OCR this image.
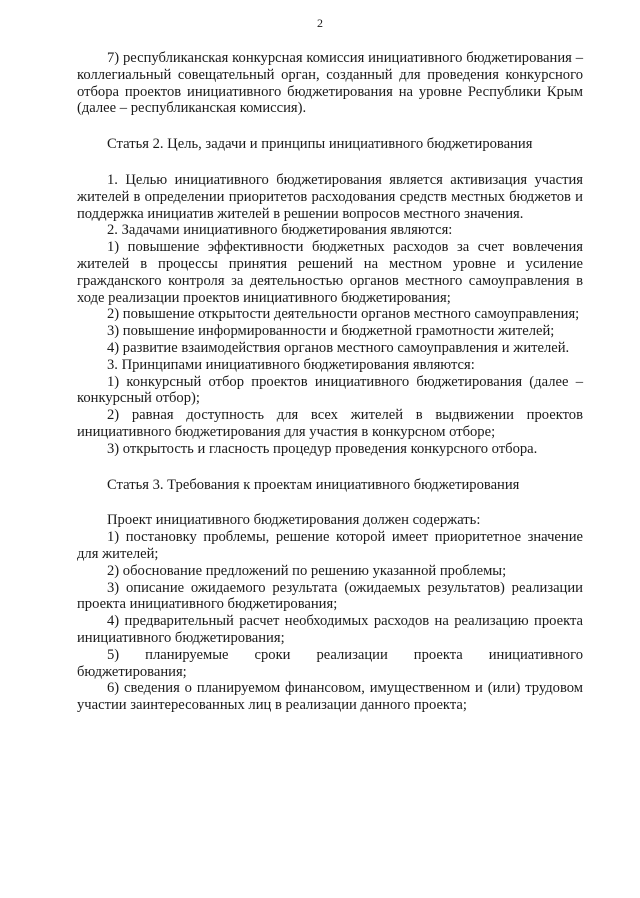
2

7) республиканская конкурсная комиссия инициативного бюджетирования – коллегиальный совещательный орган, созданный для проведения конкурсного отбора проектов инициативного бюджетирования на уровне Республики Крым (далее – республиканская комиссия).

Статья 2. Цель, задачи и принципы инициативного бюджетирования

1. Целью инициативного бюджетирования является активизация участия жителей в определении приоритетов расходования средств местных бюджетов и поддержка инициатив жителей в решении вопросов местного значения.

2. Задачами инициативного бюджетирования являются:

1) повышение эффективности бюджетных расходов за счет вовлечения жителей в процессы принятия решений на местном уровне и усиление гражданского контроля за деятельностью органов местного самоуправления в ходе реализации проектов инициативного бюджетирования;

2) повышение открытости деятельности органов местного самоуправления;

3) повышение информированности и бюджетной грамотности жителей;

4) развитие взаимодействия органов местного самоуправления и жителей.

3. Принципами инициативного бюджетирования являются:

1) конкурсный отбор проектов инициативного бюджетирования (далее – конкурсный отбор);

2) равная доступность для всех жителей в выдвижении проектов инициативного бюджетирования для участия в конкурсном отборе;

3) открытость и гласность процедур проведения конкурсного отбора.

Статья 3. Требования к проектам инициативного бюджетирования

Проект инициативного бюджетирования должен содержать:

1) постановку проблемы, решение которой имеет приоритетное значение для жителей;

2) обоснование предложений по решению указанной проблемы;

3) описание ожидаемого результата (ожидаемых результатов) реализации проекта инициативного бюджетирования;

4) предварительный расчет необходимых расходов на реализацию проекта инициативного бюджетирования;

5) планируемые сроки реализации проекта инициативного бюджетирования;

6) сведения о планируемом финансовом, имущественном и (или) трудовом участии заинтересованных лиц в реализации данного проекта;
